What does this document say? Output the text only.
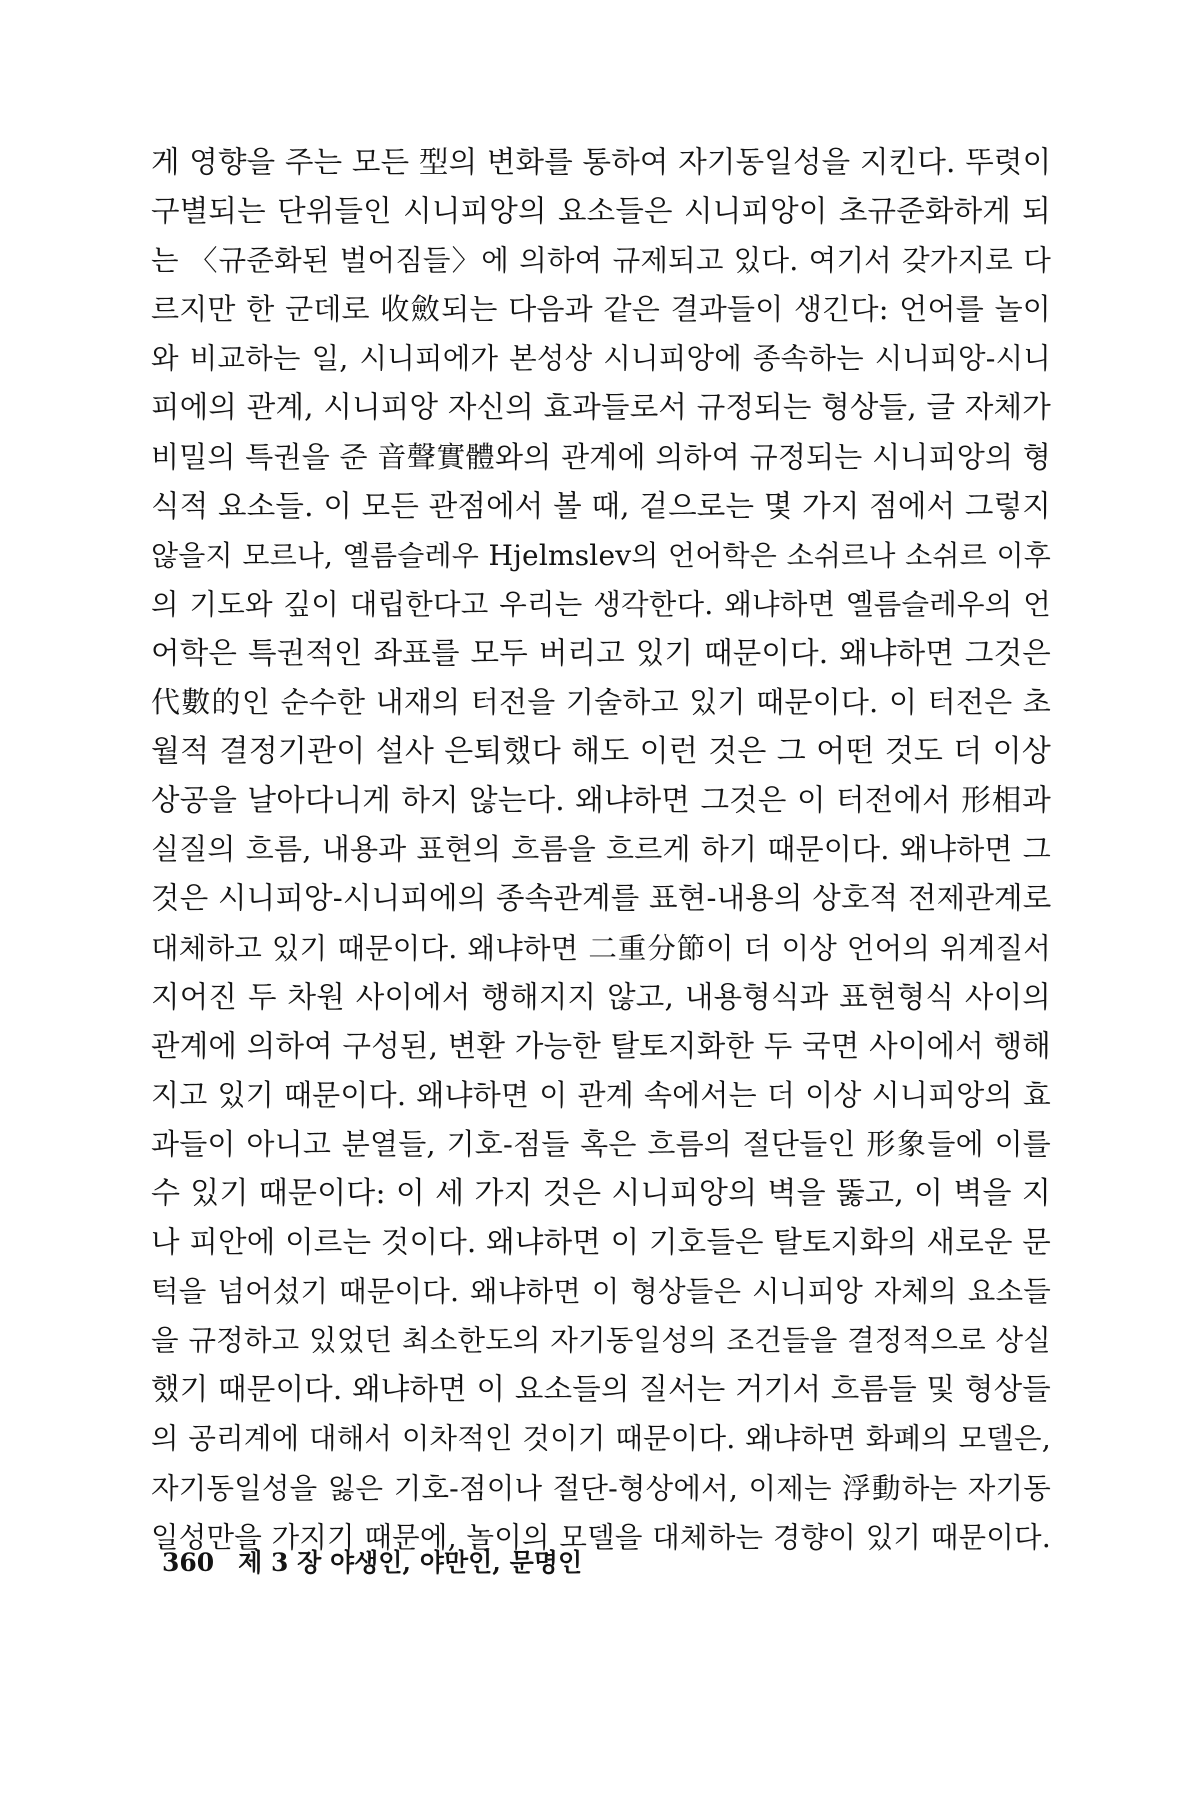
게 영향을 주는 모든 型의 변화를 통하여 자기동일성을 지킨다. 뚜렷이
구별되는 단위들인 시니피앙의 요소들은 시니피앙이 초규준화하게 되
는 〈규준화된 벌어짐들〉에 의하여 규제되고 있다. 여기서 갖가지로 다
르지만 한 군데로 收斂되는 다음과 같은 결과들이 생긴다: 언어를 놀이
와 비교하는 일, 시니피에가 본성상 시니피앙에 종속하는 시니피앙-시니
피에의 관계, 시니피앙 자신의 효과들로서 규정되는 형상들, 글 자체가
비밀의 특권을 준 音聲實體와의 관계에 의하여 규정되는 시니피앙의 형
식적 요소들. 이 모든 관점에서 볼 때, 겉으로는 몇 가지 점에서 그렇지
않을지 모르나, 옐름슬레우 Hjelmslev의 언어학은 소쉬르나 소쉬르 이후
의 기도와 깊이 대립한다고 우리는 생각한다. 왜냐하면 옐름슬레우의 언
어학은 특권적인 좌표를 모두 버리고 있기 때문이다. 왜냐하면 그것은
代數的인 순수한 내재의 터전을 기술하고 있기 때문이다. 이 터전은 초
월적 결정기관이 설사 은퇴했다 해도 이런 것은 그 어떤 것도 더 이상
상공을 날아다니게 하지 않는다. 왜냐하면 그것은 이 터전에서 形相과
실질의 흐름, 내용과 표현의 흐름을 흐르게 하기 때문이다. 왜냐하면 그
것은 시니피앙-시니피에의 종속관계를 표현-내용의 상호적 전제관계로
대체하고 있기 때문이다. 왜냐하면 二重分節이 더 이상 언어의 위계질서
지어진 두 차원 사이에서 행해지지 않고, 내용형식과 표현형식 사이의
관계에 의하여 구성된, 변환 가능한 탈토지화한 두 국면 사이에서 행해
지고 있기 때문이다. 왜냐하면 이 관계 속에서는 더 이상 시니피앙의 효
과들이 아니고 분열들, 기호-점들 혹은 흐름의 절단들인 形象들에 이를
수 있기 때문이다: 이 세 가지 것은 시니피앙의 벽을 뚫고, 이 벽을 지
나 피안에 이르는 것이다. 왜냐하면 이 기호들은 탈토지화의 새로운 문
턱을 넘어섰기 때문이다. 왜냐하면 이 형상들은 시니피앙 자체의 요소들
을 규정하고 있었던 최소한도의 자기동일성의 조건들을 결정적으로 상실
했기 때문이다. 왜냐하면 이 요소들의 질서는 거기서 흐름들 및 형상들
의 공리계에 대해서 이차적인 것이기 때문이다. 왜냐하면 화폐의 모델은,
자기동일성을 잃은 기호-점이나 절단-형상에서, 이제는 浮動하는 자기동
일성만을 가지기 때문에, 놀이의 모델을 대체하는 경향이 있기 때문이다.
360 제 3 장 야생인, 야만인, 문명인
